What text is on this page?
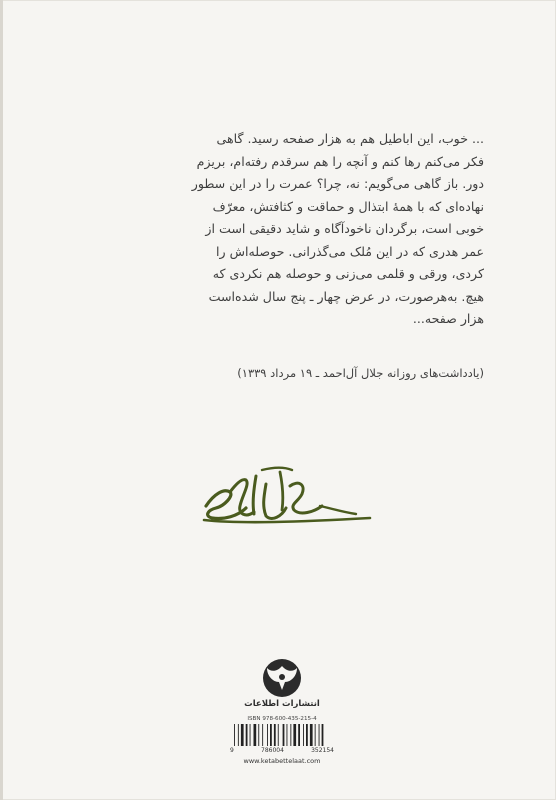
... خوب، این اباطیل هم به هزار صفحه رسید. گاهی

فکر می‌کنم رها کنم و آنچه را هم سرقدم رفته‌ام، بریزم

دور. باز گاهی می‌گویم: نه، چرا؟ عمرت را در این سطور

نهاده‌ای که با همهٔ ابتذال و حماقت و کثافتش، معرّف

خوبی است، برگردان ناخودآگاه و شاید دقیقی است از

عمر هدری که در این مُلک می‌گذرانی. حوصله‌اش را

کردی، ورقی و قلمی می‌زنی و حوصله هم نکردی که

هیچ. به‌هرصورت، در عرض چهار ـ پنج سال شده‌است

هزار صفحه...

(یادداشت‌های روزانه جلال آل‌احمد ـ ۱۹ مرداد ۱۳۳۹)
انتشارات اطلاعات
ISBN 978-600-435-215-4
9	786004	352154
www.ketabettelaat.com
